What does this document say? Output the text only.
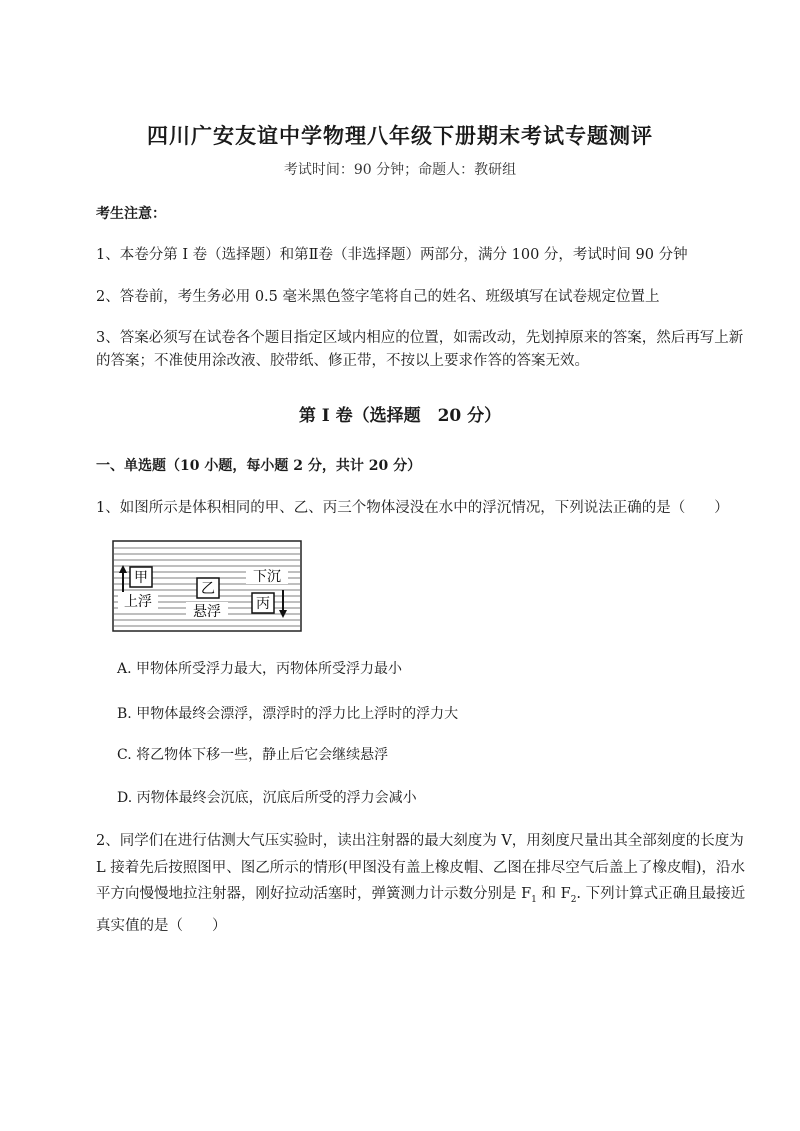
四川广安友谊中学物理八年级下册期末考试专题测评
考试时间：90 分钟；命题人：教研组
考生注意：
1、本卷分第 I 卷（选择题）和第Ⅱ卷（非选择题）两部分，满分 100 分，考试时间 90 分钟
2、答卷前，考生务必用 0.5 毫米黑色签字笔将自己的姓名、班级填写在试卷规定位置上
3、答案必须写在试卷各个题目指定区域内相应的位置，如需改动，先划掉原来的答案，然后再写上新的答案；不准使用涂改液、胶带纸、修正带，不按以上要求作答的答案无效。
第 I 卷（选择题　20 分）
一、单选题（10 小题，每小题 2 分，共计 20 分）
1、如图所示是体积相同的甲、乙、丙三个物体浸没在水中的浮沉情况，下列说法正确的是（　　）
甲
上浮
乙
悬浮
下沉
丙
A. 甲物体所受浮力最大，丙物体所受浮力最小
B. 甲物体最终会漂浮，漂浮时的浮力比上浮时的浮力大
C. 将乙物体下移一些，静止后它会继续悬浮
D. 丙物体最终会沉底，沉底后所受的浮力会减小
2、同学们在进行估测大气压实验时，读出注射器的最大刻度为 V，用刻度尺量出其全部刻度的长度为 L 接着先后按照图甲、图乙所示的情形(甲图没有盖上橡皮帽、乙图在排尽空气后盖上了橡皮帽)，沿水平方向慢慢地拉注射器，刚好拉动活塞时，弹簧测力计示数分别是 $F_1$ 和 $F_2$. 下列计算式正确且最接近真实值的是（　　）
